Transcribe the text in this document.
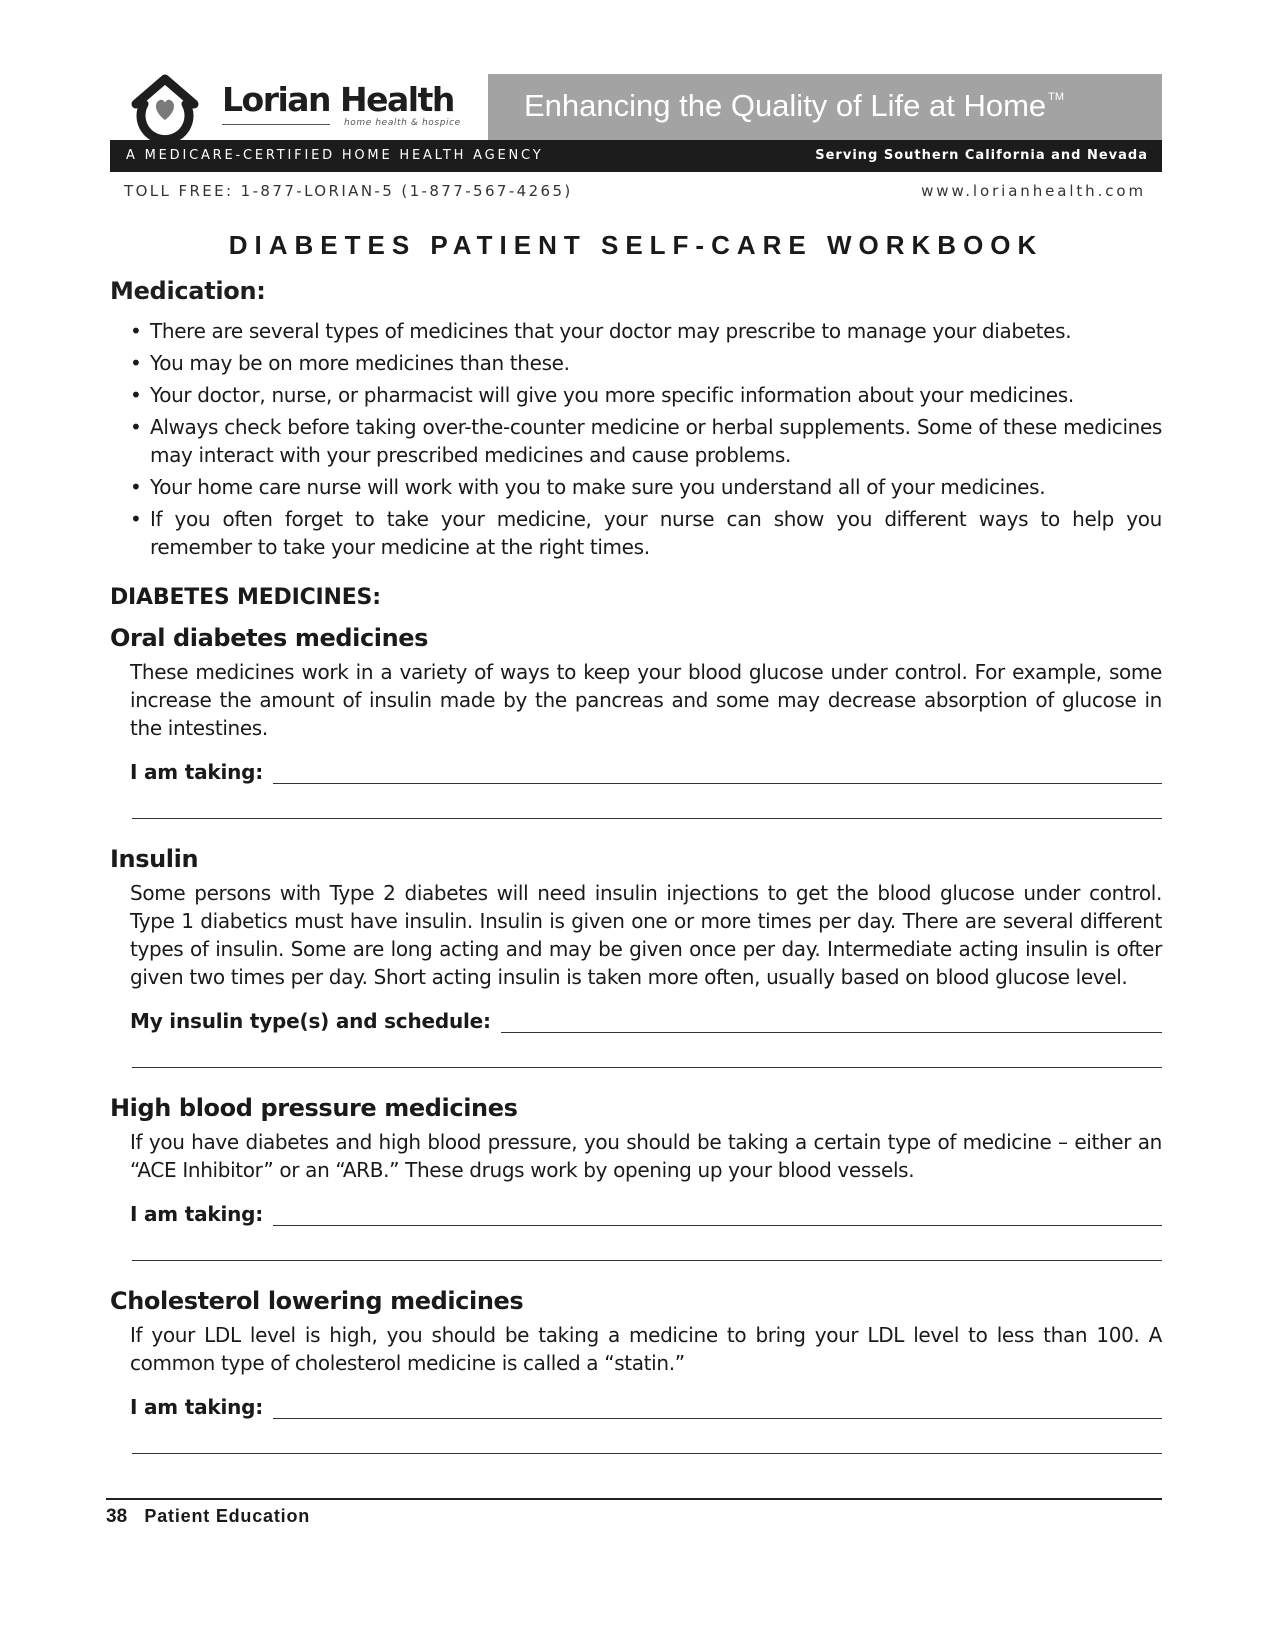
Lorian Health
home health & hospice Enhancing the Quality of Life at Home ™
A MEDICARE-CERTIFIED HOME HEALTH AGENCY	Serving Southern California and Nevada
TOLL FREE: 1-877-LORIAN-5 (1-877-567-4265)	www.lorianhealth.com
DIABETES PATIENT SELF-CARE WORKBOOK
Medication:
• There are several types of medicines that your doctor may prescribe to manage your diabetes.
• You may be on more medicines than these.
• Your doctor, nurse, or pharmacist will give you more specific information about your medicines.
• Always check before taking over-the-counter medicine or herbal supplements. Some of these medicines may interact with your prescribed medicines and cause problems.
• Your home care nurse will work with you to make sure you understand all of your medicines.
• If you often forget to take your medicine, your nurse can show you different ways to help you remember to take your medicine at the right times.
DIABETES MEDICINES:
Oral diabetes medicines

These medicines work in a variety of ways to keep your blood glucose under control. For example, some increase the amount of insulin made by the pancreas and some may decrease absorption of glucose in the intestines.

I am taking:
Insulin

Some persons with Type 2 diabetes will need insulin injections to get the blood glucose under control. Type 1 diabetics must have insulin. Insulin is given one or more times per day. There are several different types of insulin. Some are long acting and may be given once per day. Intermediate acting insulin is ofter given two times per day. Short acting insulin is taken more often, usually based on blood glucose level.

My insulin type(s) and schedule:
High blood pressure medicines

If you have diabetes and high blood pressure, you should be taking a certain type of medicine – either an “ACE Inhibitor” or an “ARB.” These drugs work by opening up your blood vessels.

I am taking:
Cholesterol lowering medicines

If your LDL level is high, you should be taking a medicine to bring your LDL level to less than 100. A common type of cholesterol medicine is called a “statin.”

I am taking:
38 Patient Education
